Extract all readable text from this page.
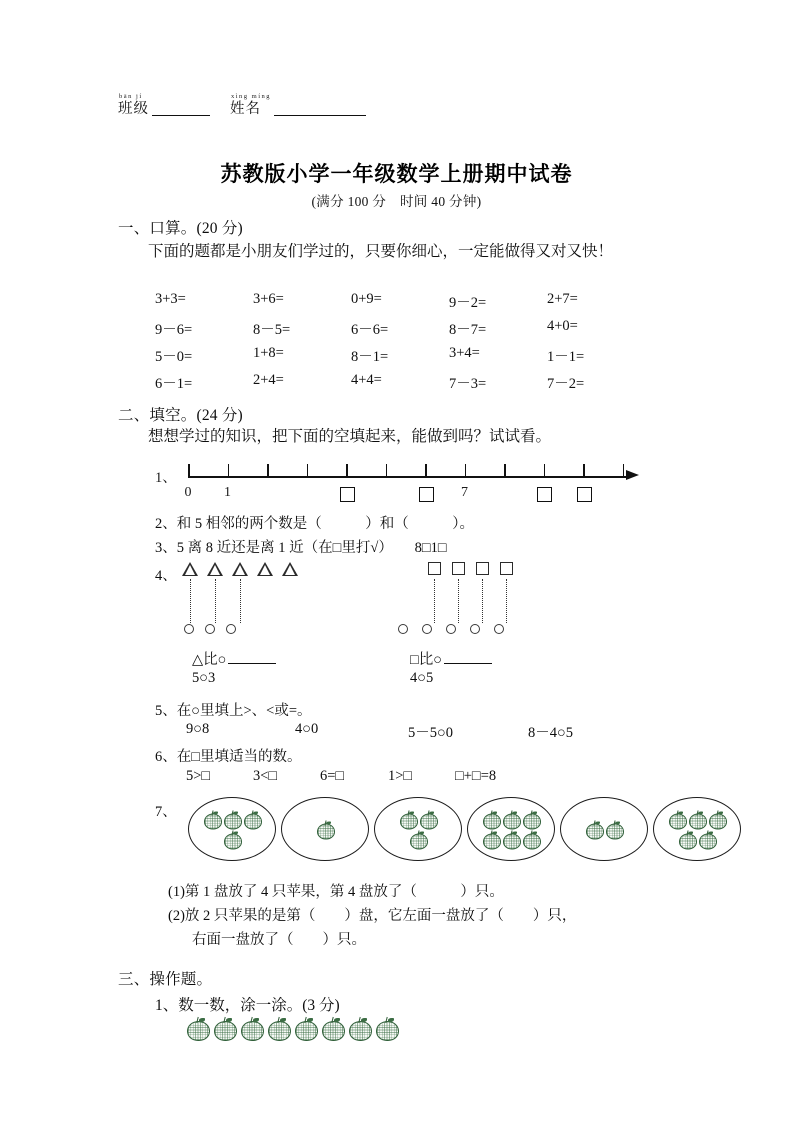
bān jí
班级
xìng míng
姓名
苏教版小学一年级数学上册期中试卷
(满分 100 分　时间 40 分钟)
一、口算。(20 分)
下面的题都是小朋友们学过的，只要你细心，一定能做得又对又快！
3+3=	3+6=	0+9=	9－2=	2+7=
9－6=	8－5=	6－6=	8－7=	4+0=
5－0=	1+8=	8－1=	3+4=	1－1=
6－1=	2+4=	4+4=	7－3=	7－2=
二、填空。(24 分)
想想学过的知识，把下面的空填起来，能做到吗？试试看。
1、
0	1	7
2、和 5 相邻的两个数是（　　　）和（　　　）。
3、5 离 8 近还是离 1 近（在□里打√）　　8□1□
4、
△比○	□比○
5○3	4○5
5、在○里填上>、<或=。
9○8	4○0	5－5○0	8－4○5
6、在□里填适当的数。
5>□	3<□	6=□	1>□	□+□=8
7、
(1)第 1 盘放了 4 只苹果，第 4 盘放了（　　　）只。
(2)放 2 只苹果的是第（　　）盘，它左面一盘放了（　　）只，
右面一盘放了（　　）只。
三、操作题。
1、数一数，涂一涂。(3 分)
